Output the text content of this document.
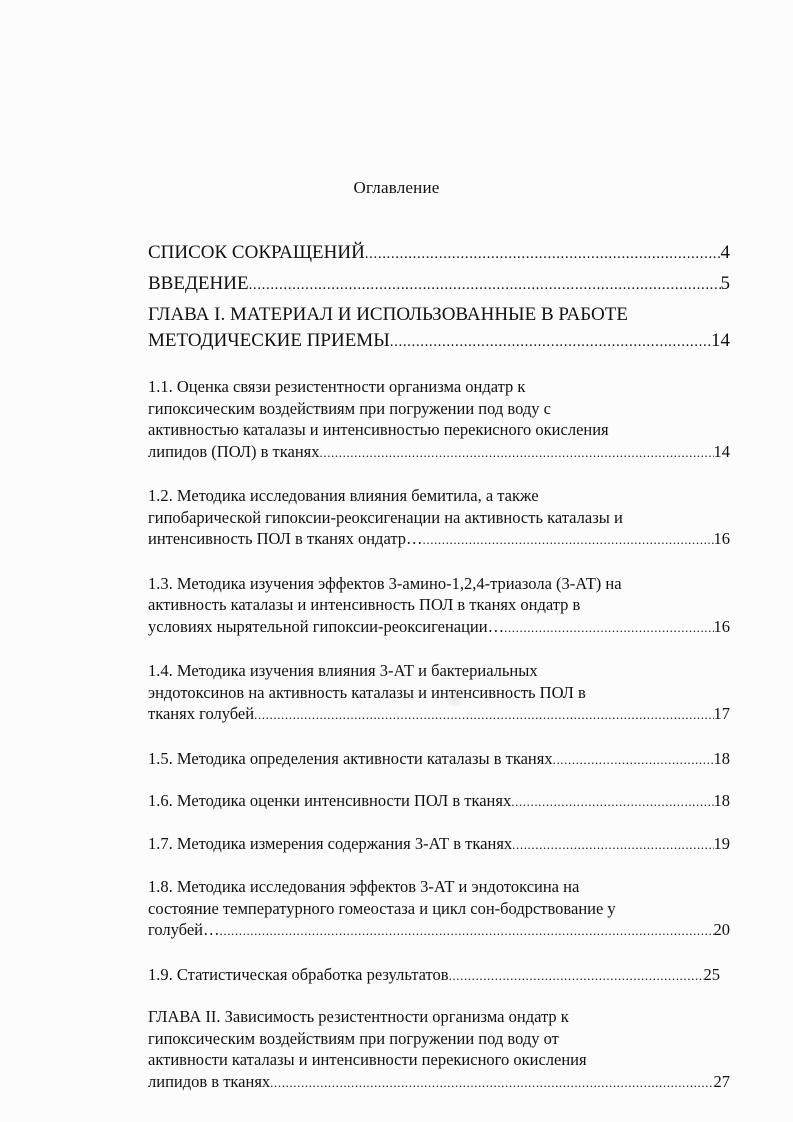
Оглавление
СПИСОК СОКРАЩЕНИЙ .....	4
ВВЕДЕНИЕ .....	5
ГЛАВА I. МАТЕРИАЛ И ИСПОЛЬЗОВАННЫЕ В РАБОТЕ
МЕТОДИЧЕСКИЕ ПРИЕМЫ .....	14
1.1. Оценка связи резистентности организма ондатр к
гипоксическим воздействиям при погружении под воду с
активностью каталазы и интенсивностью перекисного окисления
липидов (ПОЛ) в тканях .....	14
1.2. Методика исследования влияния бемитила, а также
гипобарической гипоксии-реоксигенации на активность каталазы и
интенсивность ПОЛ в тканях ондатр… .....	16
1.3. Методика изучения эффектов 3-амино-1,2,4-триазола (3-АТ) на
активность каталазы и интенсивность ПОЛ в тканях ондатр в
условиях нырятельной гипоксии-реоксигенации… .....	16
1.4. Методика изучения влияния 3-АТ и бактериальных
эндотоксинов на активность каталазы и интенсивность ПОЛ в
тканях голубей .....	17
1.5. Методика определения активности каталазы в тканях .....	18
1.6. Методика оценки интенсивности ПОЛ в тканях .....	18
1.7. Методика измерения содержания 3-АТ в тканях .....	19
1.8. Методика исследования эффектов 3-АТ и эндотоксина на
состояние температурного гомеостаза и цикл сон-бодрствование у
голубей… .....	20
1.9. Статистическая обработка результатов .....	25
ГЛАВА II. Зависимость резистентности организма ондатр к
гипоксическим воздействиям при погружении под воду от
активности каталазы и интенсивности перекисного окисления
липидов в тканях .....	27
